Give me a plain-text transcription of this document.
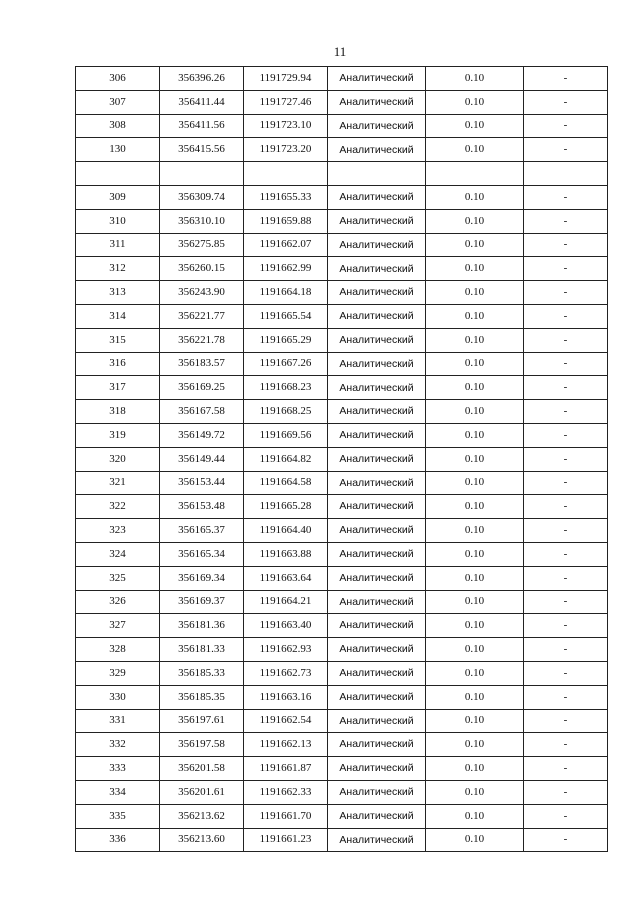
11
306	356396.26	1191729.94	Аналитический	0.10	-
307	356411.44	1191727.46	Аналитический	0.10	-
308	356411.56	1191723.10	Аналитический	0.10	-
130	356415.56	1191723.20	Аналитический	0.10	-

309	356309.74	1191655.33	Аналитический	0.10	-
310	356310.10	1191659.88	Аналитический	0.10	-
311	356275.85	1191662.07	Аналитический	0.10	-
312	356260.15	1191662.99	Аналитический	0.10	-
313	356243.90	1191664.18	Аналитический	0.10	-
314	356221.77	1191665.54	Аналитический	0.10	-
315	356221.78	1191665.29	Аналитический	0.10	-
316	356183.57	1191667.26	Аналитический	0.10	-
317	356169.25	1191668.23	Аналитический	0.10	-
318	356167.58	1191668.25	Аналитический	0.10	-
319	356149.72	1191669.56	Аналитический	0.10	-
320	356149.44	1191664.82	Аналитический	0.10	-
321	356153.44	1191664.58	Аналитический	0.10	-
322	356153.48	1191665.28	Аналитический	0.10	-
323	356165.37	1191664.40	Аналитический	0.10	-
324	356165.34	1191663.88	Аналитический	0.10	-
325	356169.34	1191663.64	Аналитический	0.10	-
326	356169.37	1191664.21	Аналитический	0.10	-
327	356181.36	1191663.40	Аналитический	0.10	-
328	356181.33	1191662.93	Аналитический	0.10	-
329	356185.33	1191662.73	Аналитический	0.10	-
330	356185.35	1191663.16	Аналитический	0.10	-
331	356197.61	1191662.54	Аналитический	0.10	-
332	356197.58	1191662.13	Аналитический	0.10	-
333	356201.58	1191661.87	Аналитический	0.10	-
334	356201.61	1191662.33	Аналитический	0.10	-
335	356213.62	1191661.70	Аналитический	0.10	-
336	356213.60	1191661.23	Аналитический	0.10	-
